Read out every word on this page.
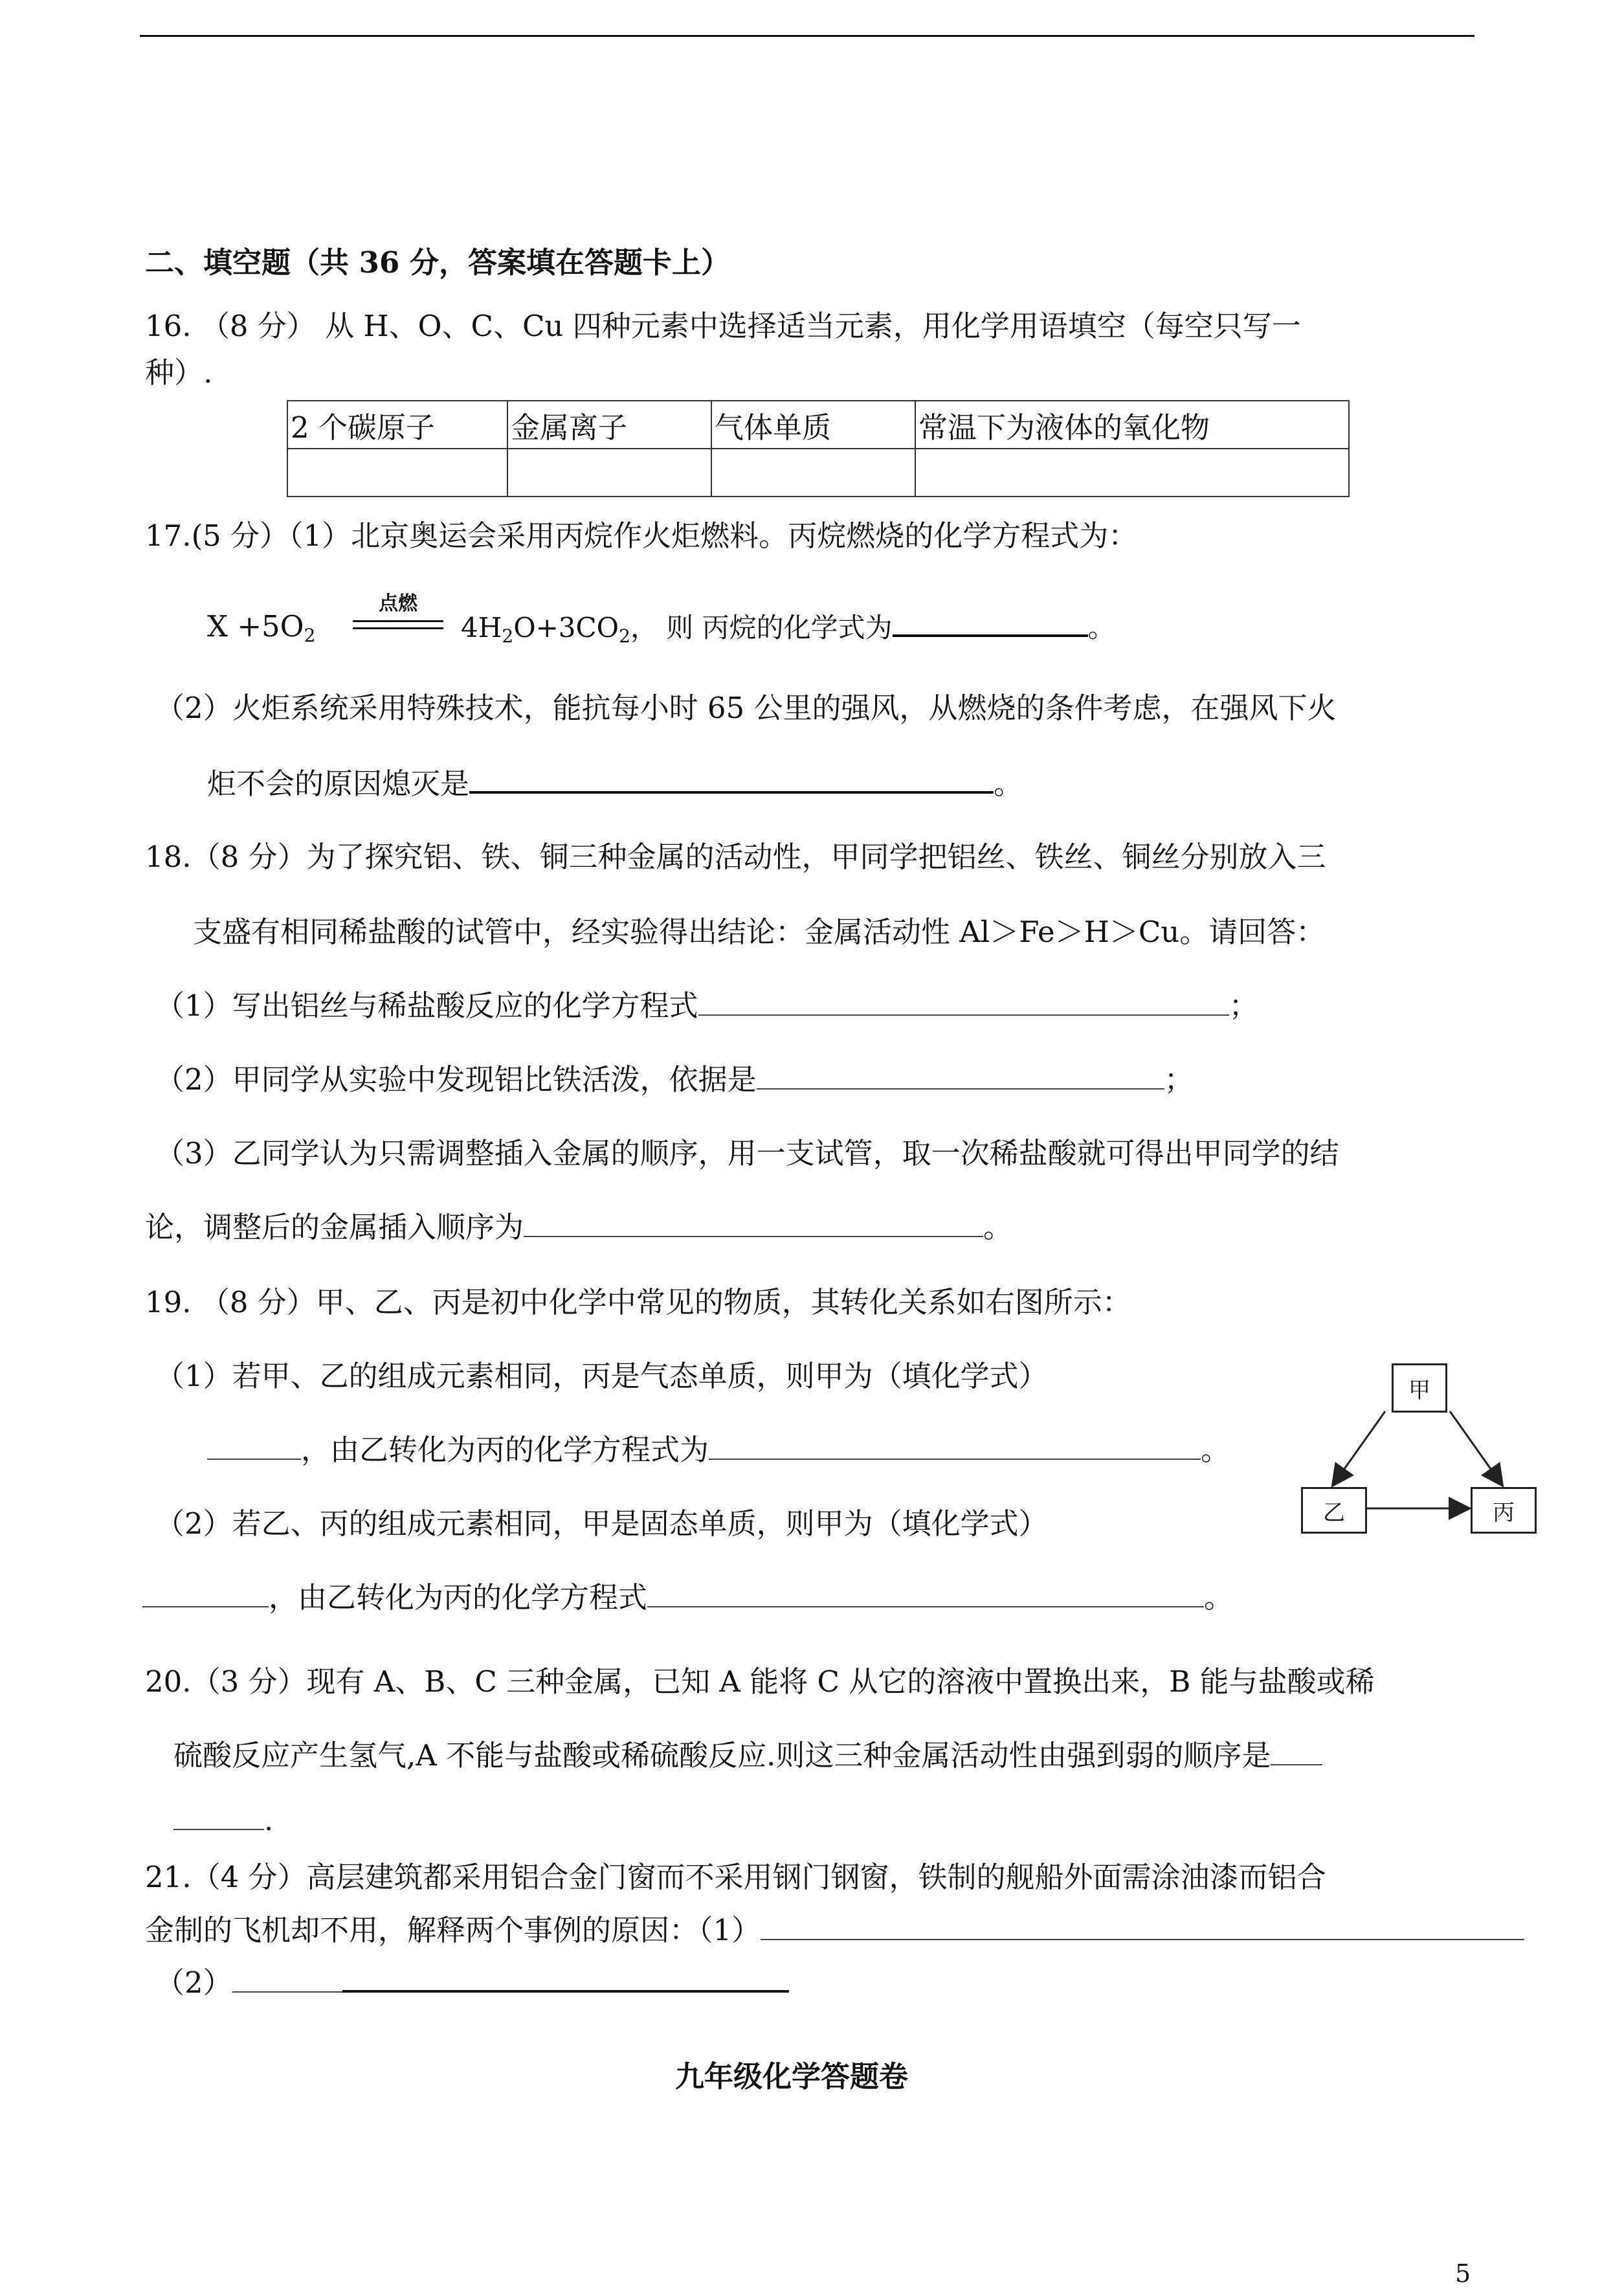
二、填空题（共 36 分，答案填在答题卡上）
16. （8 分） 从 H、O、C、Cu 四种元素中选择适当元素，用化学用语填空（每空只写一
种）.
2 个碳原子	金属离子	气体单质	常温下为液体的氧化物

17.(5 分）（1）北京奥运会采用丙烷作火炬燃料。丙烷燃烧的化学方程式为：
$X +5O_2$
点燃
$4H_2O+3CO_2$， 则 丙烷的化学式为	。
（2）火炬系统采用特殊技术，能抗每小时 65 公里的强风，从燃烧的条件考虑，在强风下火
炬不会的原因熄灭是	。
18.（8 分）为了探究铝、铁、铜三种金属的活动性，甲同学把铝丝、铁丝、铜丝分别放入三
支盛有相同稀盐酸的试管中，经实验得出结论：金属活动性 Al＞Fe＞H＞Cu。请回答：
（1）写出铝丝与稀盐酸反应的化学方程式	；
（2）甲同学从实验中发现铝比铁活泼，依据是	；
（3）乙同学认为只需调整插入金属的顺序，用一支试管，取一次稀盐酸就可得出甲同学的结
论，调整后的金属插入顺序为	。
19. （8 分）甲、乙、丙是初中化学中常见的物质，其转化关系如右图所示：
（1）若甲、乙的组成元素相同，丙是气态单质，则甲为（填化学式）
，由乙转化为丙的化学方程式为	。
（2）若乙、丙的组成元素相同，甲是固态单质，则甲为（填化学式）
，由乙转化为丙的化学方程式	。
甲
乙	丙
20.（3 分）现有 A、B、C 三种金属，已知 A 能将 C 从它的溶液中置换出来，B 能与盐酸或稀
硫酸反应产生氢气,A 不能与盐酸或稀硫酸反应.则这三种金属活动性由强到弱的顺序是
.
21.（4 分）高层建筑都采用铝合金门窗而不采用钢门钢窗，铁制的舰船外面需涂油漆而铝合
金制的飞机却不用，解释两个事例的原因：（1）
（2）
九年级化学答题卷
5
